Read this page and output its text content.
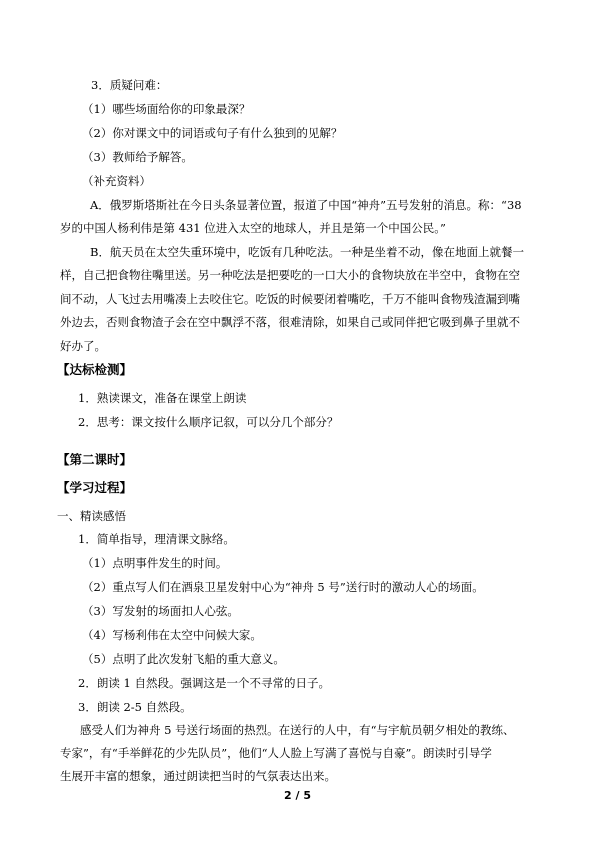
3．质疑问难：
（1）哪些场面给你的印象最深？
（2）你对课文中的词语或句子有什么独到的见解？
（3）教师给予解答。
（补充资料）
A．俄罗斯塔斯社在今日头条显著位置，报道了中国“神舟”五号发射的消息。称：“38
岁的中国人杨利伟是第 431 位进入太空的地球人，并且是第一个中国公民。”
B．航天员在太空失重环境中，吃饭有几种吃法。一种是坐着不动，像在地面上就餐一
样，自己把食物往嘴里送。另一种吃法是把要吃的一口大小的食物块放在半空中，食物在空
间不动，人飞过去用嘴凑上去咬住它。吃饭的时候要闭着嘴吃，千万不能叫食物残渣漏到嘴
外边去，否则食物渣子会在空中飘浮不落，很难清除，如果自己或同伴把它吸到鼻子里就不
好办了。
【达标检测】
1．熟读课文，准备在课堂上朗读
2．思考：课文按什么顺序记叙，可以分几个部分？
【第二课时】
【学习过程】
一、精读感悟
1．简单指导，理清课文脉络。
（1）点明事件发生的时间。
（2）重点写人们在酒泉卫星发射中心为“神舟 5 号”送行时的激动人心的场面。
（3）写发射的场面扣人心弦。
（4）写杨利伟在太空中问候大家。
（5）点明了此次发射飞船的重大意义。
2．朗读 1 自然段。强调这是一个不寻常的日子。
3．朗读 2-5 自然段。
感受人们为神舟 5 号送行场面的热烈。在送行的人中，有“与宇航员朝夕相处的教练、
专家”，有“手举鲜花的少先队员”，他们“人人脸上写满了喜悦与自豪”。朗读时引导学
生展开丰富的想象，通过朗读把当时的气氛表达出来。
2 / 5
